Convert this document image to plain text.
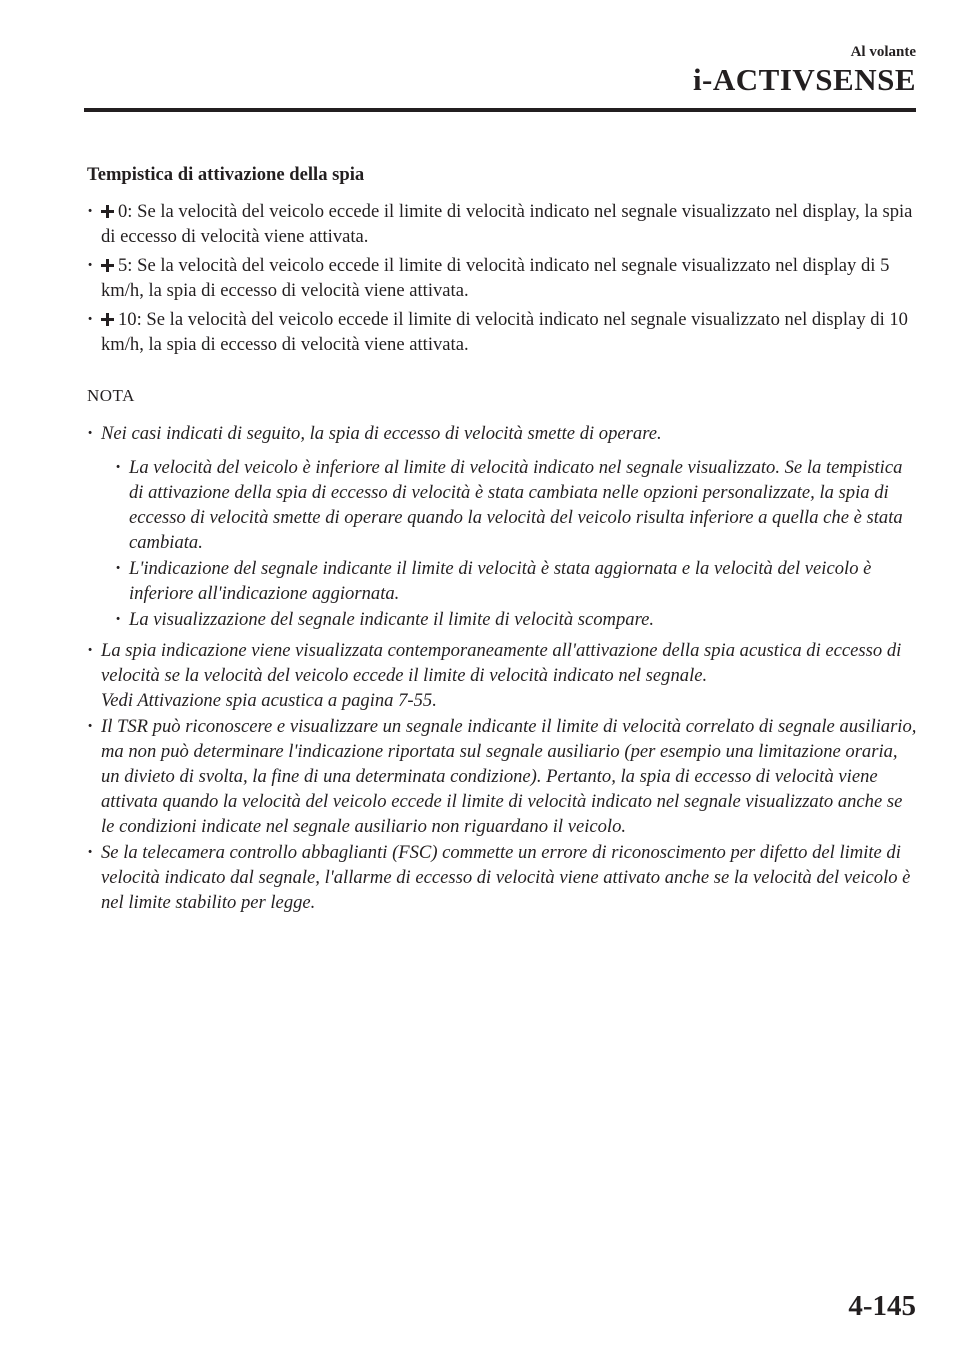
Al volante
i-ACTIVSENSE
Tempistica di attivazione della spia
· 0: Se la velocità del veicolo eccede il limite di velocità indicato nel segnale visualizzato nel display, la spia di eccesso di velocità viene attivata.
· 5: Se la velocità del veicolo eccede il limite di velocità indicato nel segnale visualizzato nel display di 5 km/h, la spia di eccesso di velocità viene attivata.
· 10: Se la velocità del veicolo eccede il limite di velocità indicato nel segnale visualizzato nel display di 10 km/h, la spia di eccesso di velocità viene attivata.
NOTA
· Nei casi indicati di seguito, la spia di eccesso di velocità smette di operare.
· La velocità del veicolo è inferiore al limite di velocità indicato nel segnale visualizzato. Se la tempistica di attivazione della spia di eccesso di velocità è stata cambiata nelle opzioni personalizzate, la spia di eccesso di velocità smette di operare quando la velocità del veicolo risulta inferiore a quella che è stata cambiata.
· L'indicazione del segnale indicante il limite di velocità è stata aggiornata e la velocità del veicolo è inferiore all'indicazione aggiornata.
· La visualizzazione del segnale indicante il limite di velocità scompare.
· La spia indicazione viene visualizzata contemporaneamente all'attivazione della spia acustica di eccesso di velocità se la velocità del veicolo eccede il limite di velocità indicato nel segnale.
Vedi Attivazione spia acustica a pagina 7-55.
· Il TSR può riconoscere e visualizzare un segnale indicante il limite di velocità correlato di segnale ausiliario, ma non può determinare l'indicazione riportata sul segnale ausiliario (per esempio una limitazione oraria, un divieto di svolta, la fine di una determinata condizione). Pertanto, la spia di eccesso di velocità viene attivata quando la velocità del veicolo eccede il limite di velocità indicato nel segnale visualizzato anche se le condizioni indicate nel segnale ausiliario non riguardano il veicolo.
· Se la telecamera controllo abbaglianti (FSC) commette un errore di riconoscimento per difetto del limite di velocità indicato dal segnale, l'allarme di eccesso di velocità viene attivato anche se la velocità del veicolo è nel limite stabilito per legge.
4-145
